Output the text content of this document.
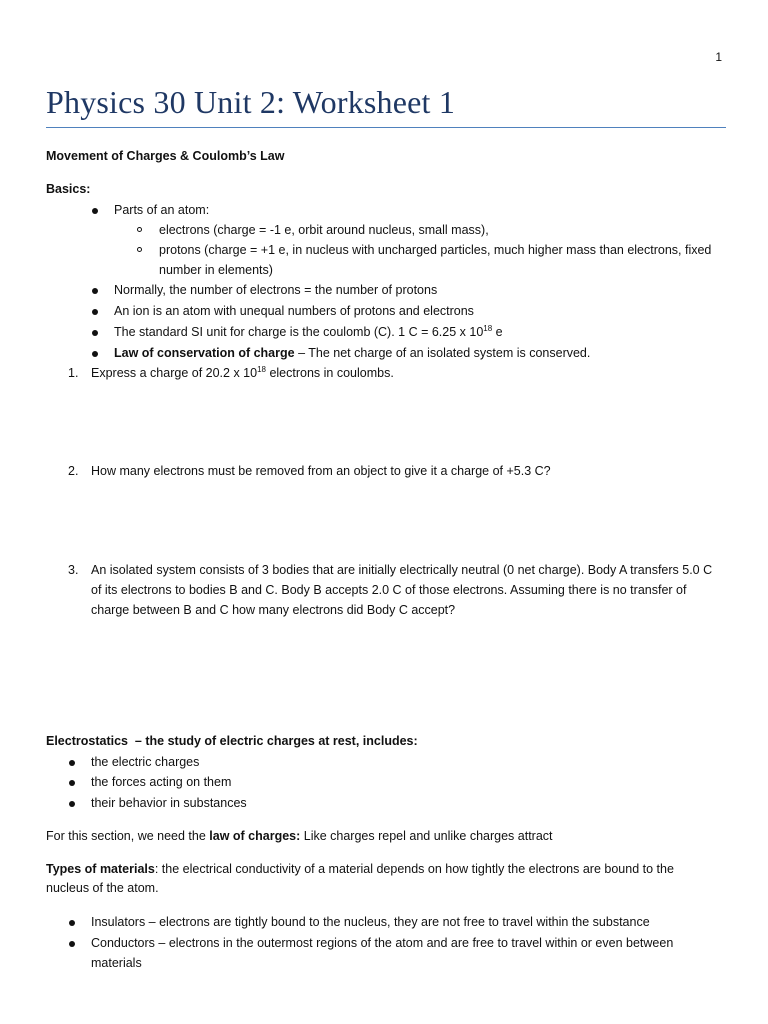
1
Physics 30 Unit 2: Worksheet 1
Movement of Charges & Coulomb’s Law
Basics:
Parts of an atom:
electrons (charge = -1 e, orbit around nucleus, small mass),
protons (charge = +1 e, in nucleus with uncharged particles, much higher mass than electrons, fixed
number in elements)
Normally, the number of electrons = the number of protons
An ion is an atom with unequal numbers of protons and electrons
The standard SI unit for charge is the coulomb (C). 1 C = 6.25 x $10^{18}$ e
Law of conservation of charge – The net charge of an isolated system is conserved.
1. Express a charge of 20.2 x $10^{18}$ electrons in coulombs.
2. How many electrons must be removed from an object to give it a charge of +5.3 C?
3. An isolated system consists of 3 bodies that are initially electrically neutral (0 net charge). Body A transfers 5.0 C
of its electrons to bodies B and C. Body B accepts 2.0 C of those electrons. Assuming there is no transfer of
charge between B and C how many electrons did Body C accept?
Electrostatics  – the study of electric charges at rest, includes:
the electric charges
the forces acting on them
their behavior in substances
For this section, we need the law of charges: Like charges repel and unlike charges attract
Types of materials: the electrical conductivity of a material depends on how tightly the electrons are bound to the
nucleus of the atom.
Insulators – electrons are tightly bound to the nucleus, they are not free to travel within the substance
Conductors – electrons in the outermost regions of the atom and are free to travel within or even between
materials
